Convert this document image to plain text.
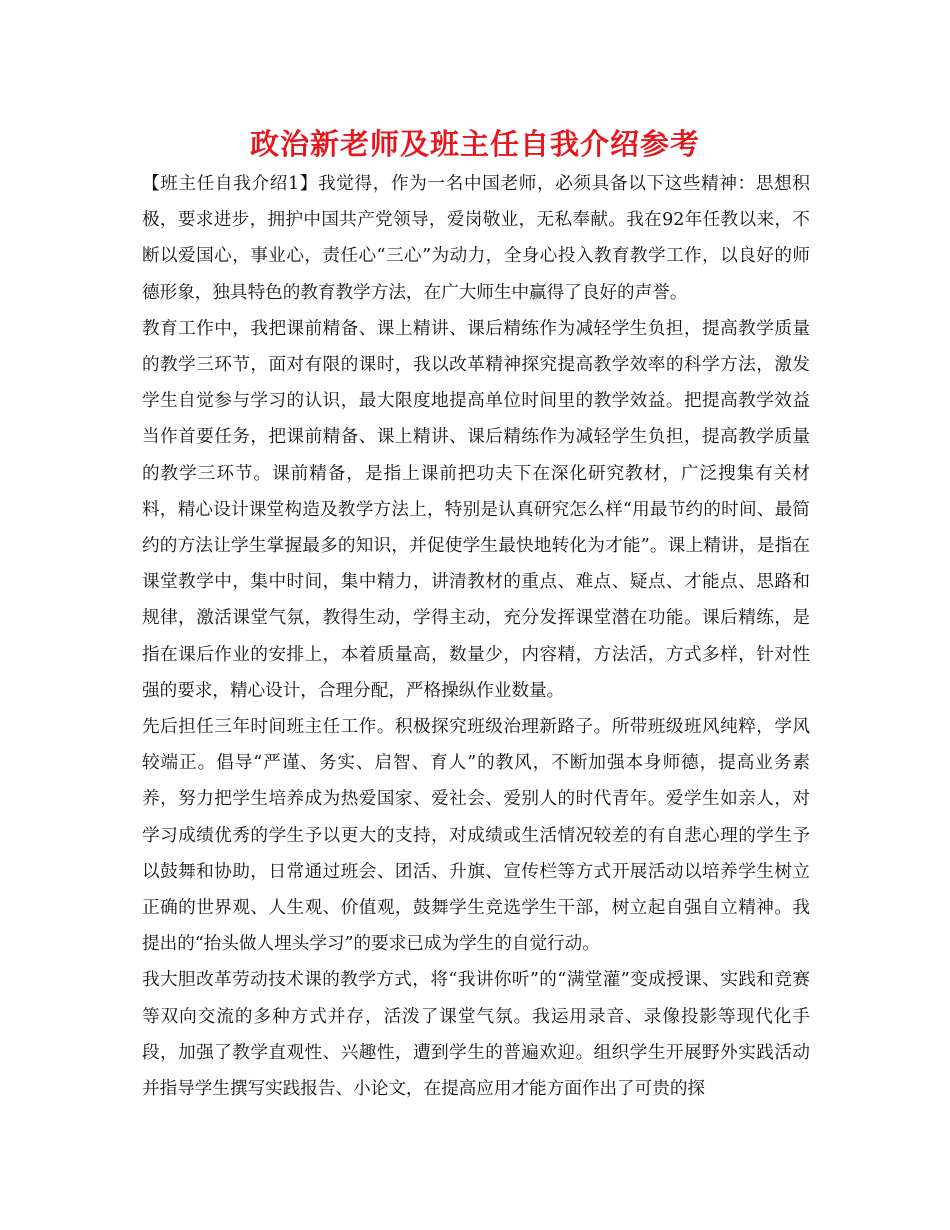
政治新老师及班主任自我介绍参考

【班主任自我介绍1】我觉得，作为一名中国老师，必须具备以下这些精神：思想积极，要求进步，拥护中国共产党领导，爱岗敬业，无私奉献。我在92年任教以来，不断以爱国心，事业心，责任心“三心”为动力，全身心投入教育教学工作，以良好的师德形象，独具特色的教育教学方法，在广大师生中赢得了良好的声誉。

教育工作中，我把课前精备、课上精讲、课后精练作为减轻学生负担，提高教学质量的教学三环节，面对有限的课时，我以改革精神探究提高教学效率的科学方法，激发学生自觉参与学习的认识，最大限度地提高单位时间里的教学效益。把提高教学效益当作首要任务，把课前精备、课上精讲、课后精练作为减轻学生负担，提高教学质量的教学三环节。课前精备，是指上课前把功夫下在深化研究教材，广泛搜集有关材料，精心设计课堂构造及教学方法上，特别是认真研究怎么样“用最节约的时间、最简约的方法让学生掌握最多的知识，并促使学生最快地转化为才能”。课上精讲，是指在课堂教学中，集中时间，集中精力，讲清教材的重点、难点、疑点、才能点、思路和规律，激活课堂气氛，教得生动，学得主动，充分发挥课堂潜在功能。课后精练，是指在课后作业的安排上，本着质量高，数量少，内容精，方法活，方式多样，针对性强的要求，精心设计，合理分配，严格操纵作业数量。

先后担任三年时间班主任工作。积极探究班级治理新路子。所带班级班风纯粹，学风较端正。倡导“严谨、务实、启智、育人”的教风，不断加强本身师德，提高业务素养，努力把学生培养成为热爱国家、爱社会、爱别人的时代青年。爱学生如亲人，对学习成绩优秀的学生予以更大的支持，对成绩或生活情况较差的有自悲心理的学生予以鼓舞和协助，日常通过班会、团活、升旗、宣传栏等方式开展活动以培养学生树立正确的世界观、人生观、价值观，鼓舞学生竞选学生干部，树立起自强自立精神。我提出的“抬头做人埋头学习”的要求已成为学生的自觉行动。

我大胆改革劳动技术课的教学方式，将“我讲你听”的“满堂灌”变成授课、实践和竞赛等双向交流的多种方式并存，活泼了课堂气氛。我运用录音、录像投影等现代化手段，加强了教学直观性、兴趣性，遭到学生的普遍欢迎。组织学生开展野外实践活动并指导学生撰写实践报告、小论文，在提高应用才能方面作出了可贵的探
